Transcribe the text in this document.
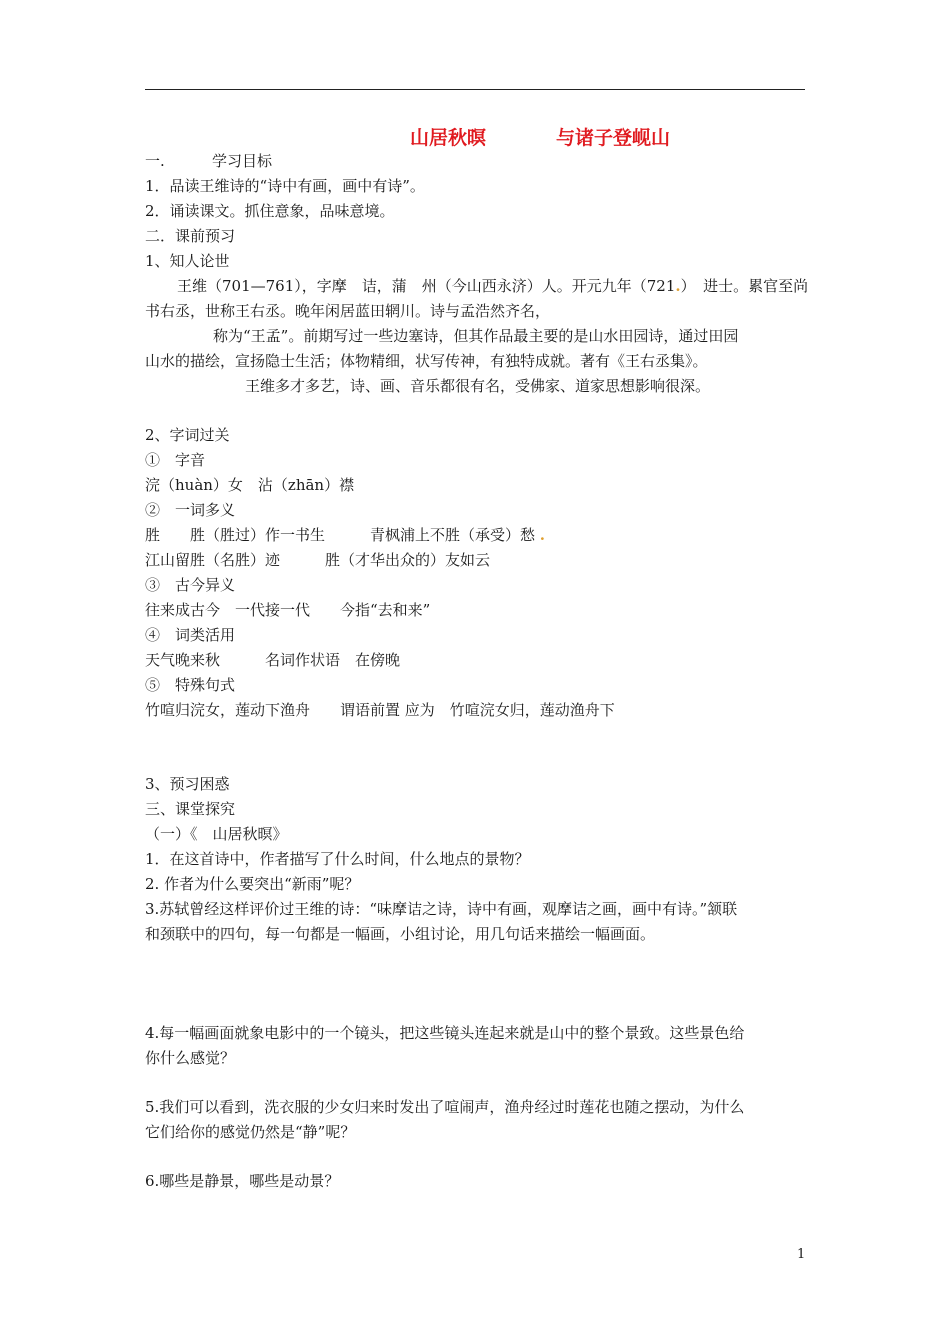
山居秋暝	与诸子登岘山
一.	学习目标
1．品读王维诗的“诗中有画，画中有诗”。
2．诵读课文。抓住意象，品味意境。
二．课前预习
1、知人论世
王维（701—761），字摩　诘，蒲　州（今山西永济）人。开元九年（721.）　进士。累官至尚
书右丞，世称王右丞。晚年闲居蓝田辋川。诗与孟浩然齐名，
称为“王孟”。前期写过一些边塞诗，但其作品最主要的是山水田园诗，通过田园
山水的描绘，宣扬隐士生活；体物精细，状写传神，有独特成就。著有《王右丞集》。
王维多才多艺，诗、画、音乐都很有名，受佛家、道家思想影响很深。
2、字词过关
①　字音
浣（huàn）女　沾（zhān）襟
②　一词多义
胜　　胜（胜过）作一书生　　　青枫浦上不胜（承受）愁 .
江山留胜（名胜）迹　　　胜（才华出众的）友如云
③　古今异义
往来成古今　一代接一代　　今指“去和来”
④　词类活用
天气晚来秋　　　名词作状语　在傍晚
⑤　特殊句式
竹喧归浣女，莲动下渔舟　　谓语前置 应为　竹喧浣女归，莲动渔舟下
3、预习困惑
三、课堂探究
（一）《　山居秋暝》
1．在这首诗中，作者描写了什么时间，什么地点的景物？
2. 作者为什么要突出“新雨”呢？
3.苏轼曾经这样评价过王维的诗：“味摩诘之诗，诗中有画，观摩诘之画，画中有诗。”颔联
和颈联中的四句，每一句都是一幅画，小组讨论，用几句话来描绘一幅画面。
4.每一幅画面就象电影中的一个镜头，把这些镜头连起来就是山中的整个景致。这些景色给
你什么感觉？
5.我们可以看到，洗衣服的少女归来时发出了喧闹声，渔舟经过时莲花也随之摆动，为什么
它们给你的感觉仍然是“静”呢？
6.哪些是静景，哪些是动景？
1
